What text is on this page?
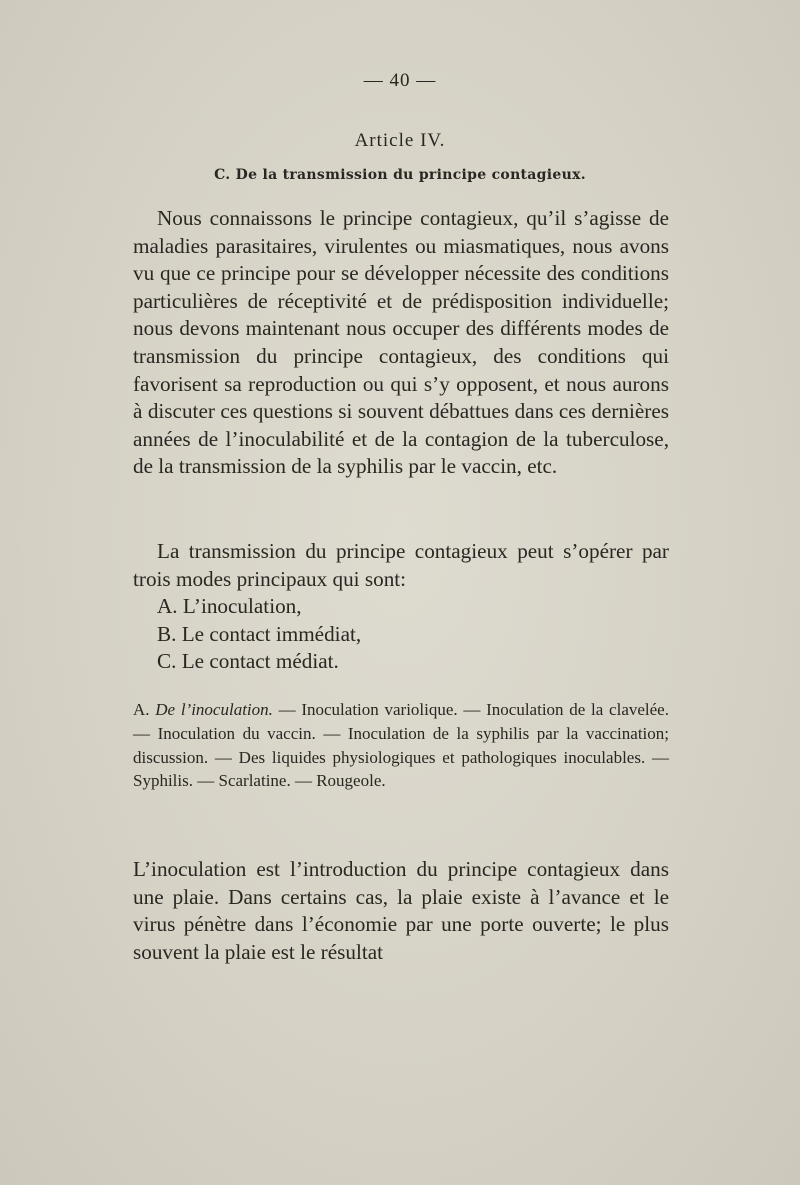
— 40 —
Article IV.
C. De la transmission du principe contagieux.

Nous connaissons le principe contagieux, qu’il s’agisse de maladies parasitaires, virulentes ou miasmatiques, nous avons vu que ce principe pour se développer nécessite des conditions particulières de réceptivité et de prédisposition individuelle; nous devons maintenant nous occuper des différents modes de transmission du principe contagieux, des conditions qui favorisent sa reproduction ou qui s’y opposent, et nous aurons à discuter ces questions si souvent débattues dans ces dernières années de l’inoculabilité et de la contagion de la tuberculose, de la transmission de la syphilis par le vaccin, etc.

La transmission du principe contagieux peut s’opérer par trois modes principaux qui sont:

A. L’inoculation,
B. Le contact immédiat,
C. Le contact médiat.
A. De l’inoculation. — Inoculation variolique. — Inoculation de la clavelée. — Inoculation du vaccin. — Inoculation de la syphilis par la vaccination; discussion. — Des liquides physiologiques et pathologiques inoculables. — Syphilis. — Scarlatine. — Rougeole.

L’inoculation est l’introduction du principe contagieux dans une plaie. Dans certains cas, la plaie existe à l’avance et le virus pénètre dans l’économie par une porte ouverte; le plus souvent la plaie est le résultat
